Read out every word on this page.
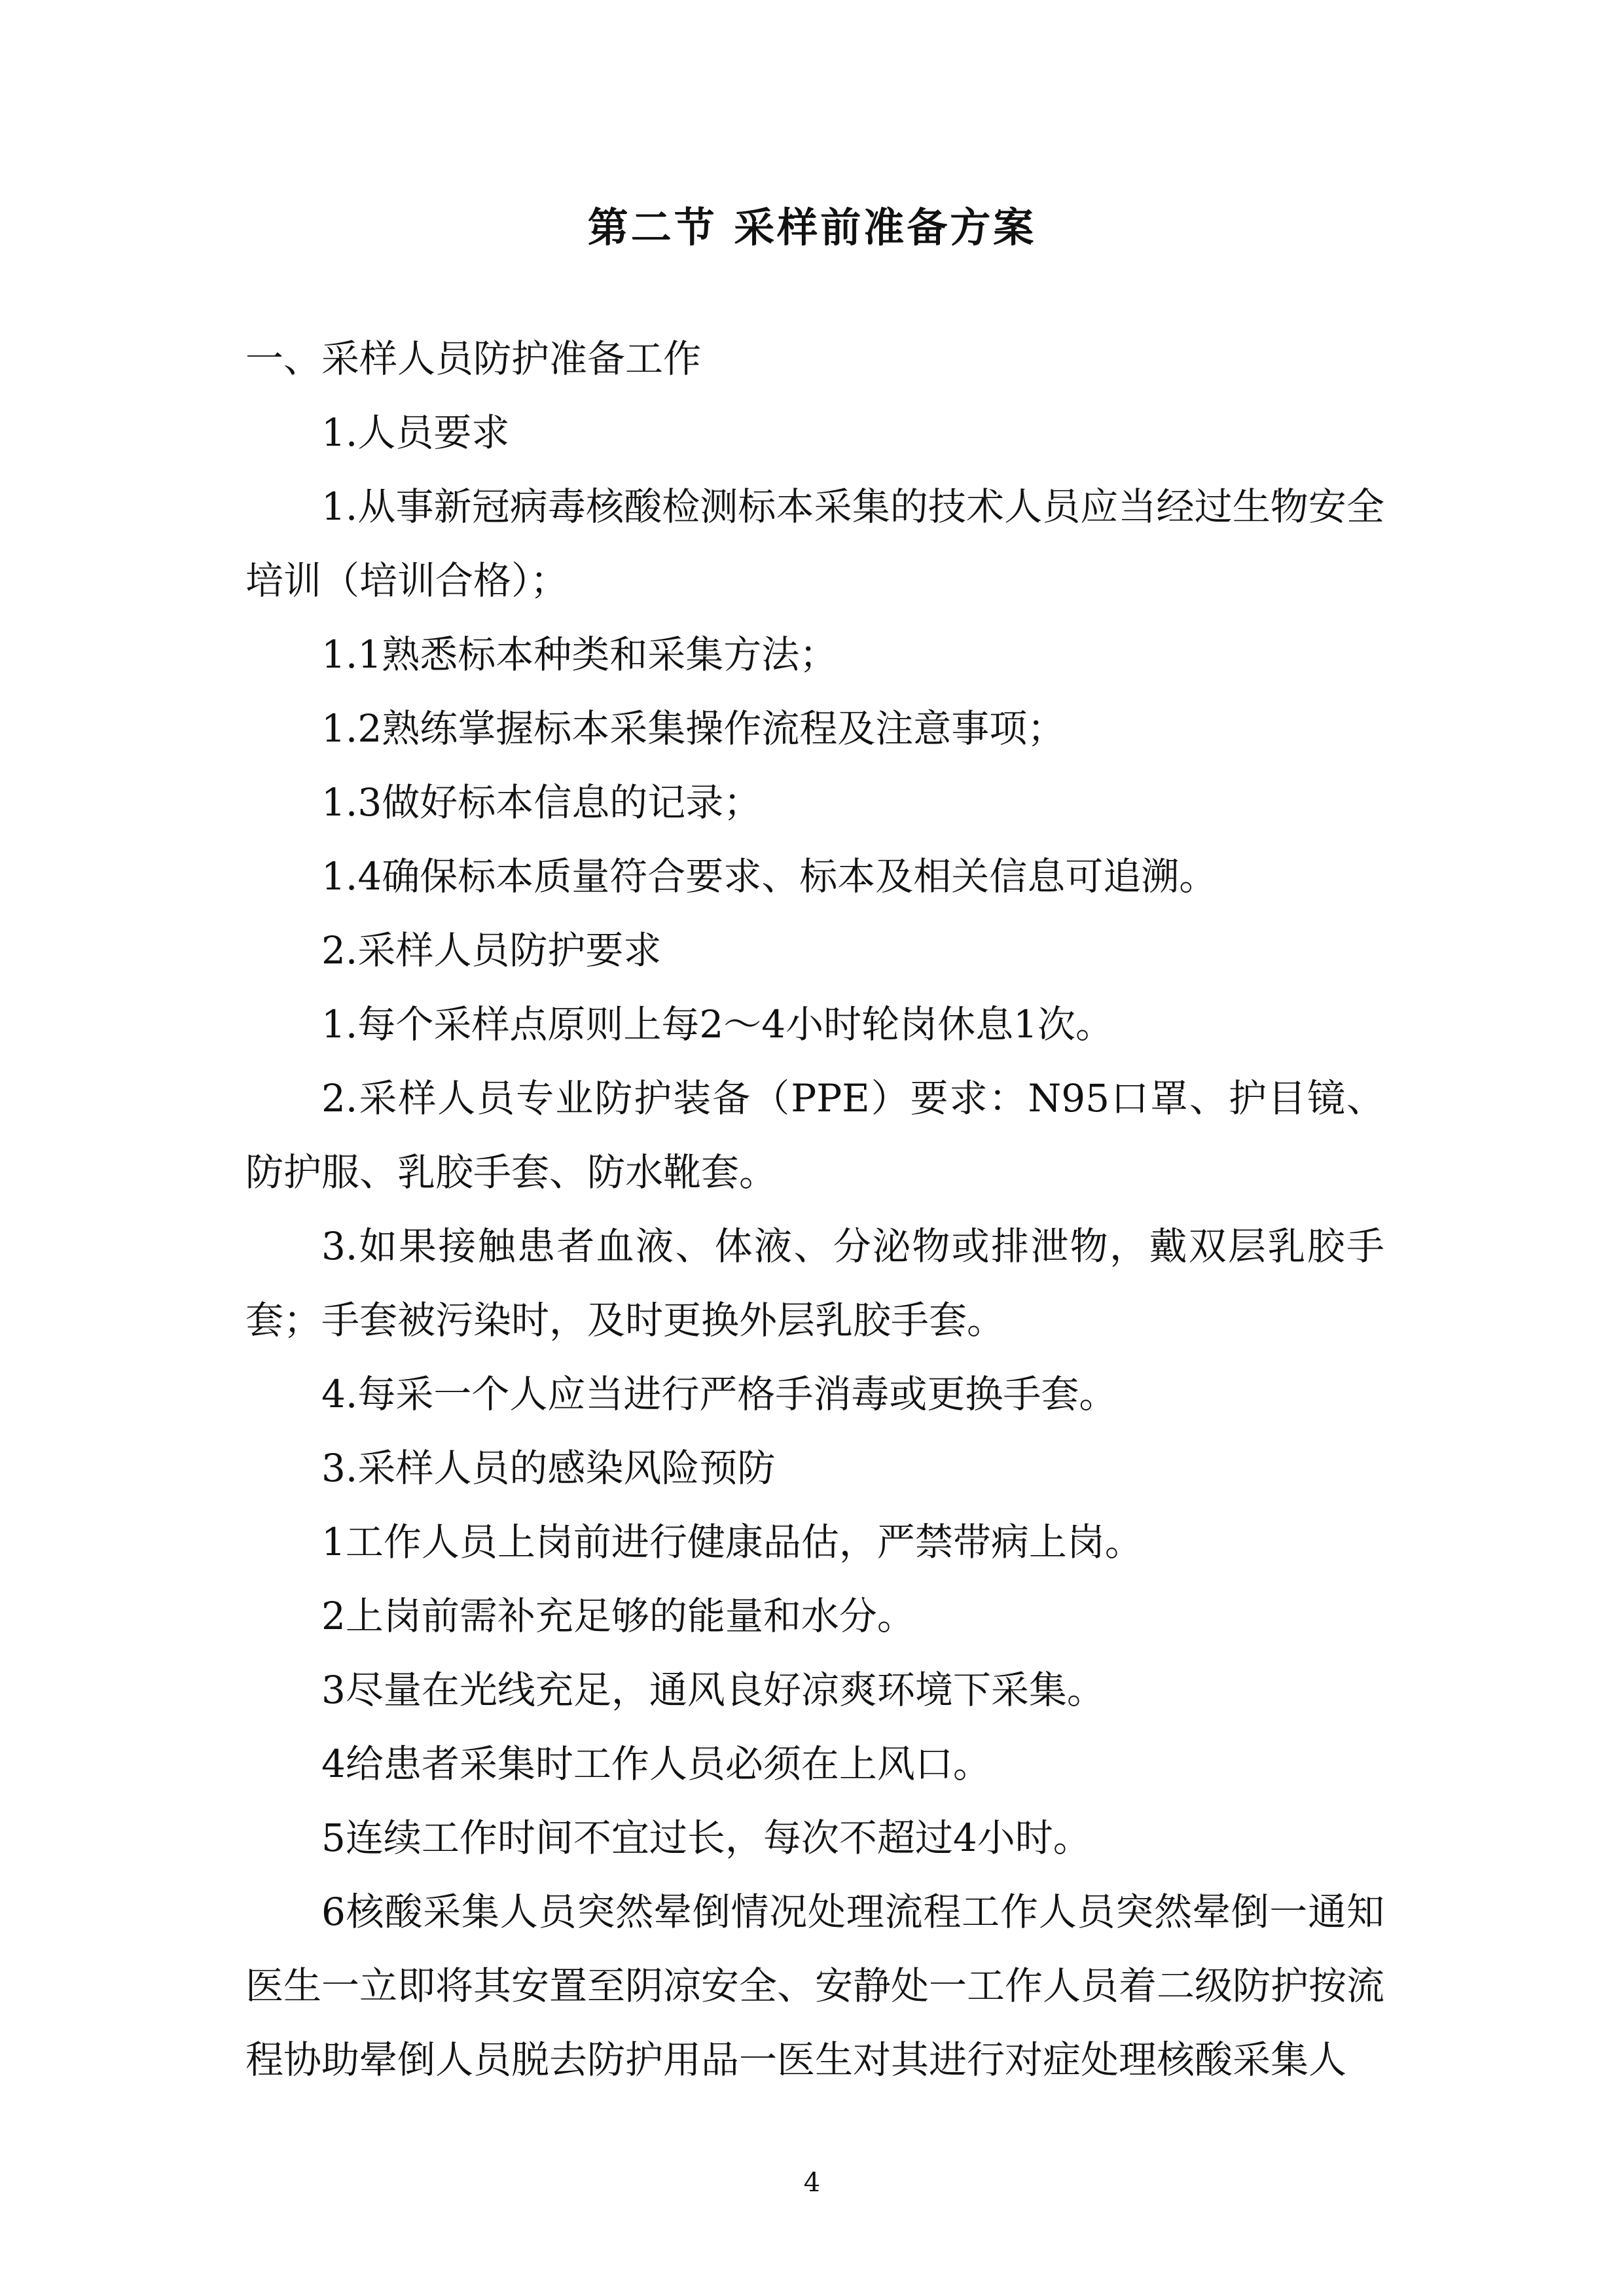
第二节 采样前准备方案

一、采样人员防护准备工作

1.人员要求

1.从事新冠病毒核酸检测标本采集的技术人员应当经过生物安全培训（培训合格）；

1.1熟悉标本种类和采集方法；

1.2熟练掌握标本采集操作流程及注意事项；

1.3做好标本信息的记录；

1.4确保标本质量符合要求、标本及相关信息可追溯。

2.采样人员防护要求

1.每个采样点原则上每2～4小时轮岗休息1次。

2.采样人员专业防护装备（PPE）要求：N95口罩、护目镜、防护服、乳胶手套、防水靴套。

3.如果接触患者血液、体液、分泌物或排泄物，戴双层乳胶手套；手套被污染时，及时更换外层乳胶手套。

4.每采一个人应当进行严格手消毒或更换手套。

3.采样人员的感染风险预防

1工作人员上岗前进行健康品估，严禁带病上岗。

2上岗前需补充足够的能量和水分。

3尽量在光线充足，通风良好凉爽环境下采集。

4给患者采集时工作人员必须在上风口。

5连续工作时间不宜过长，每次不超过4小时。

6核酸采集人员突然晕倒情况处理流程工作人员突然晕倒一通知医生一立即将其安置至阴凉安全、安静处一工作人员着二级防护按流程协助晕倒人员脱去防护用品一医生对其进行对症处理核酸采集人

4
